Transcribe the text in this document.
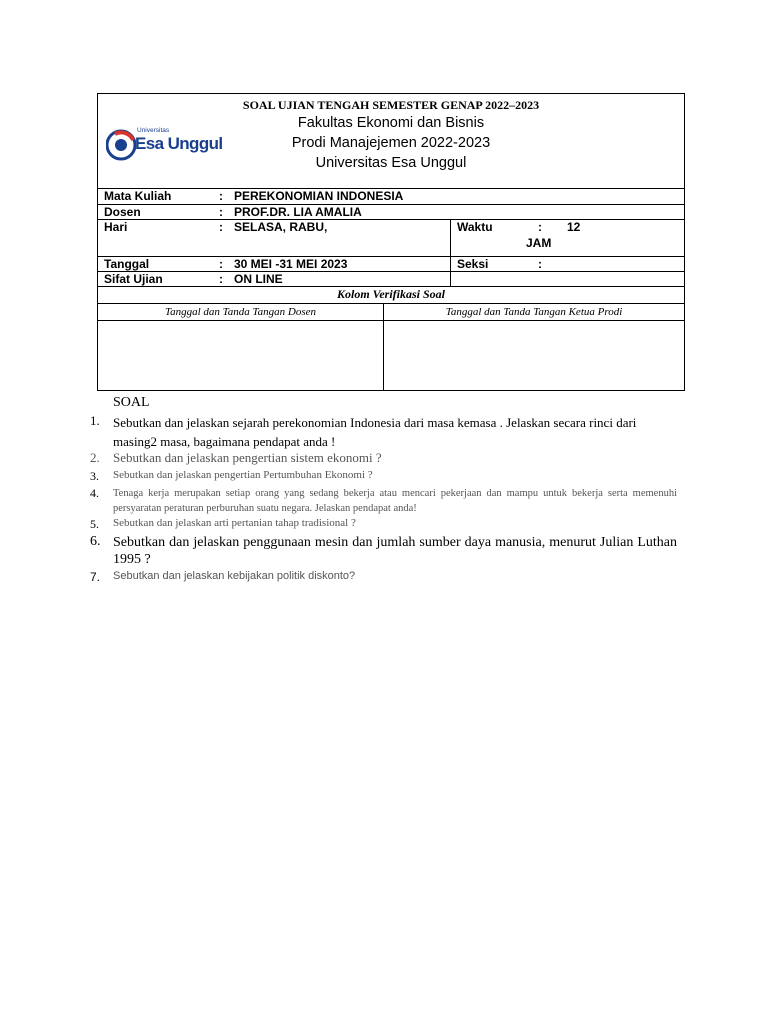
Universitas
Esa Unggul
SOAL UJIAN TENGAH SEMESTER GENAP 2022–2023
Fakultas Ekonomi dan Bisnis
Prodi Manajejemen 2022-2023
Universitas Esa Unggul
Mata Kuliah	: PEREKONOMIAN INDONESIA
Dosen	: PROF.DR. LIA AMALIA
Hari	: SELASA, RABU,	Waktu	: 12
JAM
Tanggal	: 30 MEI -31 MEI 2023	Seksi	:
Sifat Ujian	: ON LINE
Kolom Verifikasi Soal
Tanggal dan Tanda Tangan Dosen	Tanggal dan Tanda Tangan Ketua Prodi
SOAL
1. Sebutkan dan jelaskan sejarah perekonomian Indonesia dari masa kemasa . Jelaskan secara rinci dari masing2 masa, bagaimana pendapat anda !
2. Sebutkan dan jelaskan pengertian sistem ekonomi ?
3. Sebutkan dan jelaskan pengertian Pertumbuhan Ekonomi ?
4. Tenaga kerja merupakan setiap orang yang sedang bekerja atau mencari pekerjaan dan mampu untuk bekerja serta memenuhi persyaratan peraturan perburuhan suatu negara. Jelaskan pendapat anda!
5. Sebutkan dan jelaskan arti pertanian tahap tradisional ?
6. Sebutkan dan jelaskan penggunaan mesin dan jumlah sumber daya manusia, menurut Julian Luthan 1995 ?
7. Sebutkan dan jelaskan kebijakan politik diskonto?
